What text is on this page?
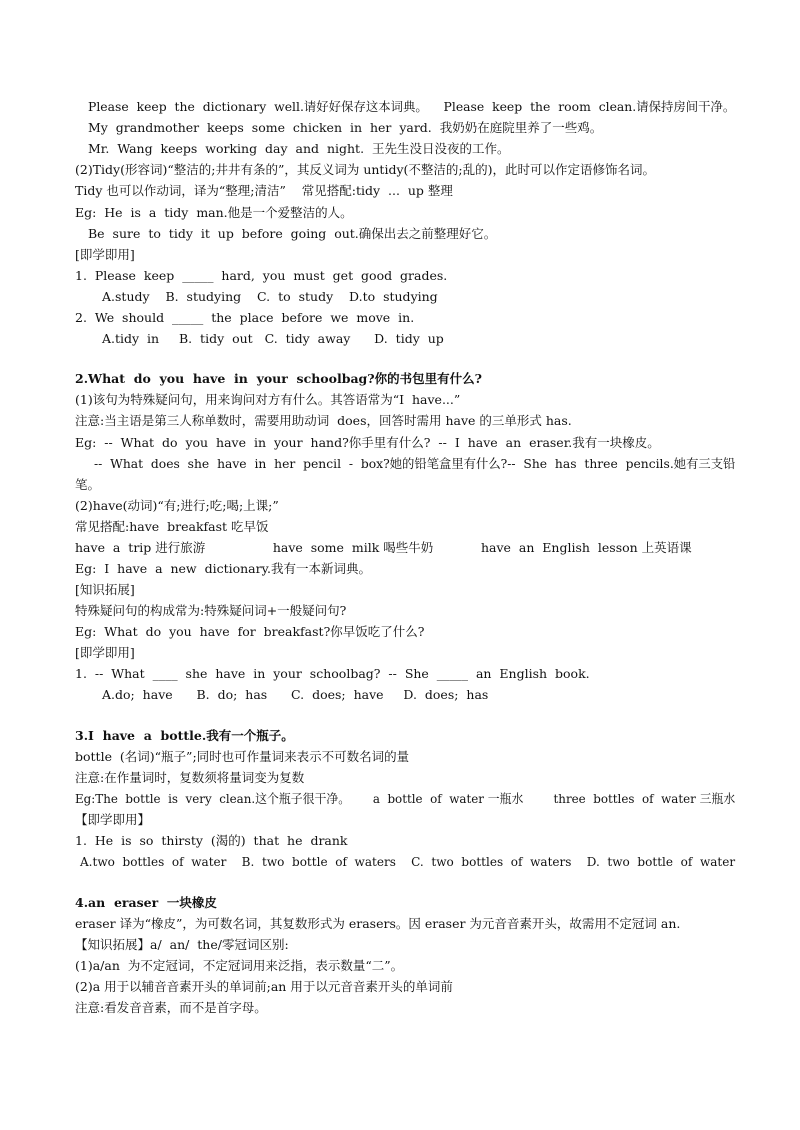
Please  keep  the  dictionary  well.请好好保存这本词典。    Please  keep  the  room  clean.请保持房间干净。
My  grandmother  keeps  some  chicken  in  her  yard.  我奶奶在庭院里养了一些鸡。
Mr.  Wang  keeps  working  day  and  night.  王先生没日没夜的工作。
(2)Tidy(形容词)“整洁的;井井有条的”，其反义词为 untidy(不整洁的;乱的)，此时可以作定语修饰名词。
Tidy 也可以作动词，译为“整理;清洁”    常见搭配:tidy  ...  up 整理
Eg:  He  is  a  tidy  man.他是一个爱整洁的人。
Be  sure  to  tidy  it  up  before  going  out.确保出去之前整理好它。
[即学即用]
1.  Please  keep  _____  hard,  you  must  get  good  grades.
A.study    B.  studying    C.  to  study    D.to  studying
2.  We  should  _____  the  place  before  we  move  in.
A.tidy  in     B.  tidy  out   C.  tidy  away      D.  tidy  up
2.What  do  you  have  in  your  schoolbag?你的书包里有什么?
(1)该句为特殊疑问句，用来询问对方有什么。其答语常为“I  have...”
注意:当主语是第三人称单数时，需要用助动词  does，回答时需用 have 的三单形式 has.
Eg:  --  What  do  you  have  in  your  hand?你手里有什么?  --  I  have  an  eraser.我有一块橡皮。
--  What  does  she  have  in  her  pencil  -  box?她的铅笔盒里有什么?--  She  has  three  pencils.她有三支铅
笔。
(2)have(动词)“有;进行;吃;喝;上课;”
常见搭配:have  breakfast 吃早饭
have  a  trip 进行旅游                 have  some  milk 喝些牛奶            have  an  English  lesson 上英语课
Eg:  I  have  a  new  dictionary.我有一本新词典。
[知识拓展]
特殊疑问句的构成常为:特殊疑问词+一般疑问句?
Eg:  What  do  you  have  for  breakfast?你早饭吃了什么?
[即学即用]
1.  --  What  ____  she  have  in  your  schoolbag?  --  She  _____  an  English  book.
A.do;  have      B.  do;  has      C.  does;  have     D.  does;  has
3.I  have  a  bottle.我有一个瓶子。
bottle  (名词)“瓶子”;同时也可作量词来表示不可数名词的量
注意:在作量词时，复数须将量词变为复数
Eg:The  bottle  is  very  clean.这个瓶子很干净。      a  bottle  of  water 一瓶水        three  bottles  of  water 三瓶水
【即学即用】
1.  He  is  so  thirsty  (渴的)  that  he  drank
A.two  bottles  of  water    B.  two  bottle  of  waters    C.  two  bottles  of  waters    D.  two  bottle  of  water
4.an  eraser  一块橡皮
eraser 译为“橡皮”，为可数名词，其复数形式为 erasers。因 eraser 为元音音素开头，故需用不定冠词 an.
【知识拓展】a/  an/  the/零冠词区别:
(1)a/an  为不定冠词，不定冠词用来泛指，表示数量“二”。
(2)a 用于以辅音音素开头的单词前;an 用于以元音音素开头的单词前
注意:看发音音素，而不是首字母。
